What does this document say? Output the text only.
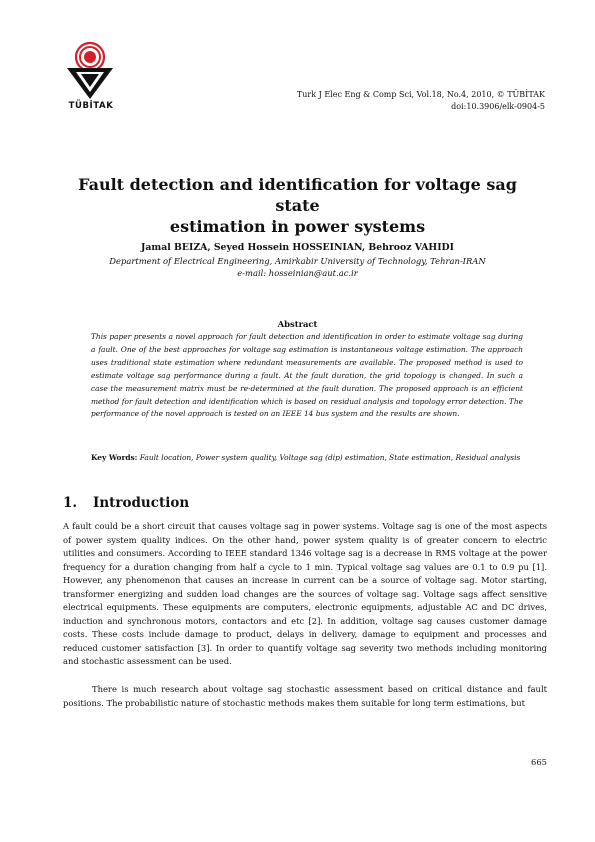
TÜBİTAK
Turk J Elec Eng & Comp Sci, Vol.18, No.4, 2010, © TÜBİTAK
doi:10.3906/elk-0904-5
Fault detection and identification for voltage sag state
estimation in power systems
Jamal BEIZA, Seyed Hossein HOSSEINIAN, Behrooz VAHIDI
Department of Electrical Engineering, Amirkabir University of Technology, Tehran-IRAN
e-mail: hosseinian@aut.ac.ir
Abstract
This paper presents a novel approach for fault detection and identification in order to estimate voltage sag during a fault. One of the best approaches for voltage sag estimation is instantaneous voltage estimation. The approach uses traditional state estimation where redundant measurements are available. The proposed method is used to estimate voltage sag performance during a fault. At the fault duration, the grid topology is changed. In such a case the measurement matrix must be re-determined at the fault duration. The proposed approach is an efficient method for fault detection and identification which is based on residual analysis and topology error detection. The performance of the novel approach is tested on an IEEE 14 bus system and the results are shown.
Key Words: Fault location, Power system quality, Voltage sag (dip) estimation, State estimation, Residual analysis
1. Introduction
A fault could be a short circuit that causes voltage sag in power systems. Voltage sag is one of the most aspects of power system quality indices. On the other hand, power system quality is of greater concern to electric utilities and consumers. According to IEEE standard 1346 voltage sag is a decrease in RMS voltage at the power frequency for a duration changing from half a cycle to 1 min. Typical voltage sag values are 0.1 to 0.9 pu [1]. However, any phenomenon that causes an increase in current can be a source of voltage sag. Motor starting, transformer energizing and sudden load changes are the sources of voltage sag. Voltage sags affect sensitive electrical equipments. These equipments are computers, electronic equipments, adjustable AC and DC drives, induction and synchronous motors, contactors and etc [2]. In addition, voltage sag causes customer damage costs. These costs include damage to product, delays in delivery, damage to equipment and processes and reduced customer satisfaction [3]. In order to quantify voltage sag severity two methods including monitoring and stochastic assessment can be used.
There is much research about voltage sag stochastic assessment based on critical distance and fault positions. The probabilistic nature of stochastic methods makes them suitable for long term estimations, but
665
